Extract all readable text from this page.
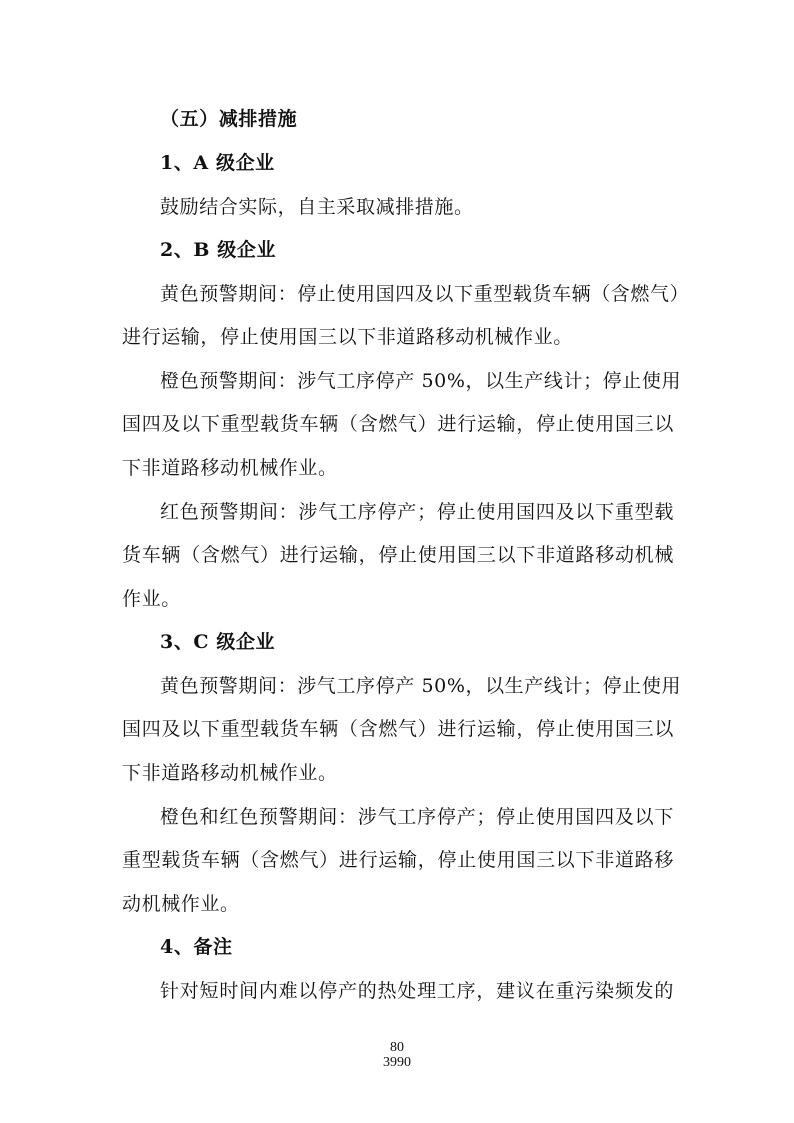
（五）减排措施
1、A 级企业
鼓励结合实际，自主采取减排措施。
2、B 级企业
黄色预警期间：停止使用国四及以下重型载货车辆（含燃气）
进行运输，停止使用国三以下非道路移动机械作业。
橙色预警期间：涉气工序停产 50%，以生产线计；停止使用
国四及以下重型载货车辆（含燃气）进行运输，停止使用国三以
下非道路移动机械作业。
红色预警期间：涉气工序停产；停止使用国四及以下重型载
货车辆（含燃气）进行运输，停止使用国三以下非道路移动机械
作业。
3、C 级企业
黄色预警期间：涉气工序停产 50%，以生产线计；停止使用
国四及以下重型载货车辆（含燃气）进行运输，停止使用国三以
下非道路移动机械作业。
橙色和红色预警期间：涉气工序停产；停止使用国四及以下
重型载货车辆（含燃气）进行运输，停止使用国三以下非道路移
动机械作业。
4、备注
针对短时间内难以停产的热处理工序，建议在重污染频发的
80
3990
